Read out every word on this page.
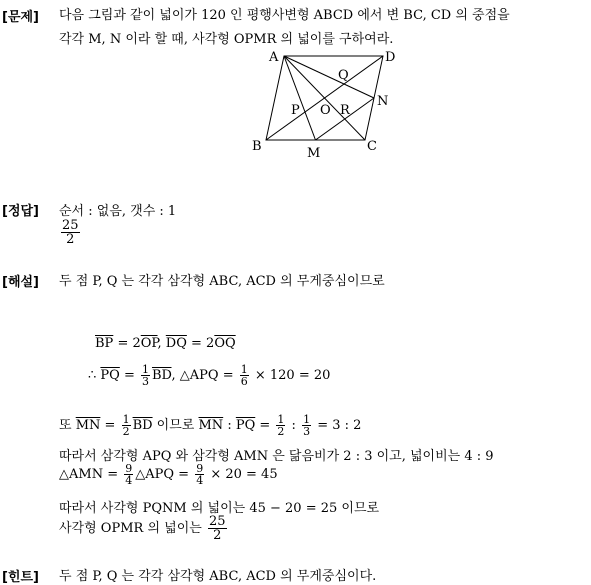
[문제] 다음 그림과 같이 넓이가 120 인 평행사변형 ABCD 에서 변 BC, CD 의 중점을
각각 M, N 이라 할 때, 사각형 OPMR 의 넓이를 구하여라.
A	D
B	C
M
N
O
P
Q
R
[정답] 순서 : 없음, 갯수 : 1
$\frac{25}{2}$
[해설] 두 점 P, Q 는 각각 삼각형 ABC, ACD 의 무게중심이므로
$\overline{BP} = 2\overline{OP}$, $\overline{DQ} = 2\overline{OQ}$
∴ $\overline{PQ} = \frac{1}{3} \overline{BD}$, △APQ = $\frac{1}{6} \times 120 = 20$
또 $\overline{MN} = \frac{1}{2} \overline{BD}$ 이므로 $\overline{MN}$ : $\overline{PQ} = \frac{1}{2}$ : $\frac{1}{3} = 3$ : 2
따라서 삼각형 APQ 와 삼각형 AMN 은 닮음비가 2 : 3 이고, 넓이비는 4 : 9
△AMN = $\frac{9}{4}$ △APQ = $\frac{9}{4} \times 20 = 45$
따라서 사각형 PQNM 의 넓이는 45 − 20 = 25 이므로
사각형 OPMR 의 넓이는 $\frac{25}{2}$
[힌트] 두 점 P, Q 는 각각 삼각형 ABC, ACD 의 무게중심이다.
